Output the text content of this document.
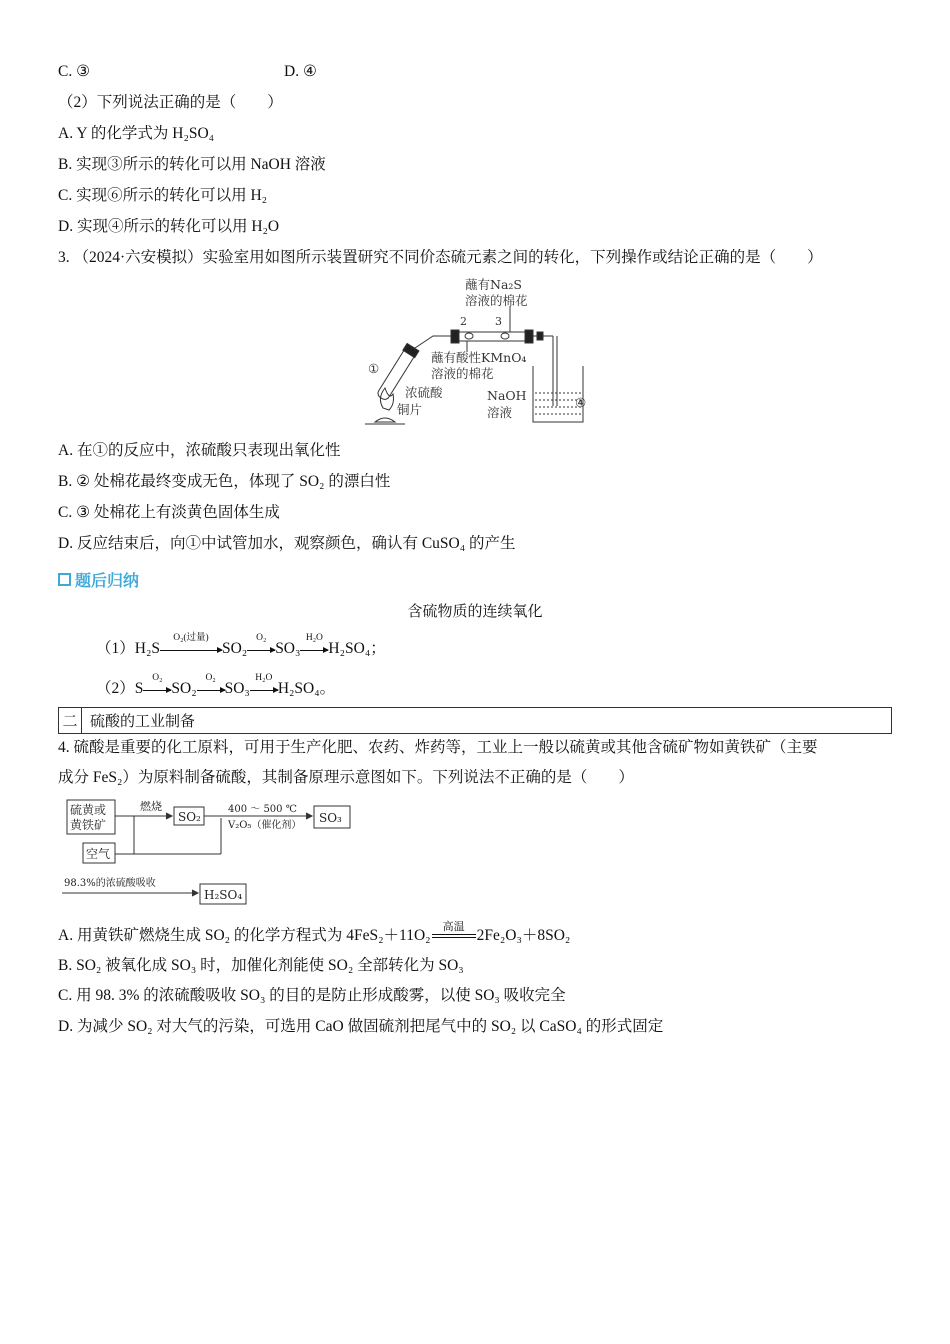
C. ③	D. ④
（2）下列说法正确的是（　　）
A. Y 的化学式为 H₂SO₄
B. 实现③所示的转化可以用 NaOH 溶液
C. 实现⑥所示的转化可以用 H₂
D. 实现④所示的转化可以用 H₂O
3. （2024·六安模拟）实验室用如图所示装置研究不同价态硫元素之间的转化，下列操作或结论正确的是（　　）
蘸有Na₂S
溶液的棉花
蘸有酸性KMnO₄
溶液的棉花
浓硫酸
铜片
NaOH
溶液
①
2	3
④
A. 在①的反应中，浓硫酸只表现出氧化性
B. ② 处棉花最终变成无色，体现了 SO₂ 的漂白性
C. ③ 处棉花上有淡黄色固体生成
D. 反应结束后，向①中试管加水，观察颜色，确认有 CuSO₄ 的产生
题后归纳
含硫物质的连续氧化
（1）H₂S
O₂(过量)
SO₂
O₂
SO₃
H₂O
H₂SO₄；
（2）S
O₂
SO₂
O₂
SO₃
H₂O
H₂SO₄。
二 硫酸的工业制备
4. 硫酸是重要的化工原料，可用于生产化肥、农药、炸药等，工业上一般以硫黄或其他含硫矿物如黄铁矿（主要
成分 FeS₂）为原料制备硫酸，其制备原理示意图如下。下列说法不正确的是（　　）
硫黄或
黄铁矿
燃烧
SO₂
400 ～ 500 ℃
V₂O₅（催化剂）
SO₃
空气
98.3%的浓硫酸吸收
H₂SO₄
A. 用黄铁矿燃烧生成 SO₂ 的化学方程式为 4FeS₂＋11O₂
高温
2Fe₂O₃＋8SO₂
B. SO₂ 被氧化成 SO₃ 时，加催化剂能使 SO₂ 全部转化为 SO₃
C. 用 98. 3% 的浓硫酸吸收 SO₃ 的目的是防止形成酸雾，以使 SO₃ 吸收完全
D. 为减少 SO₂ 对大气的污染，可选用 CaO 做固硫剂把尾气中的 SO₂ 以 CaSO₄ 的形式固定
